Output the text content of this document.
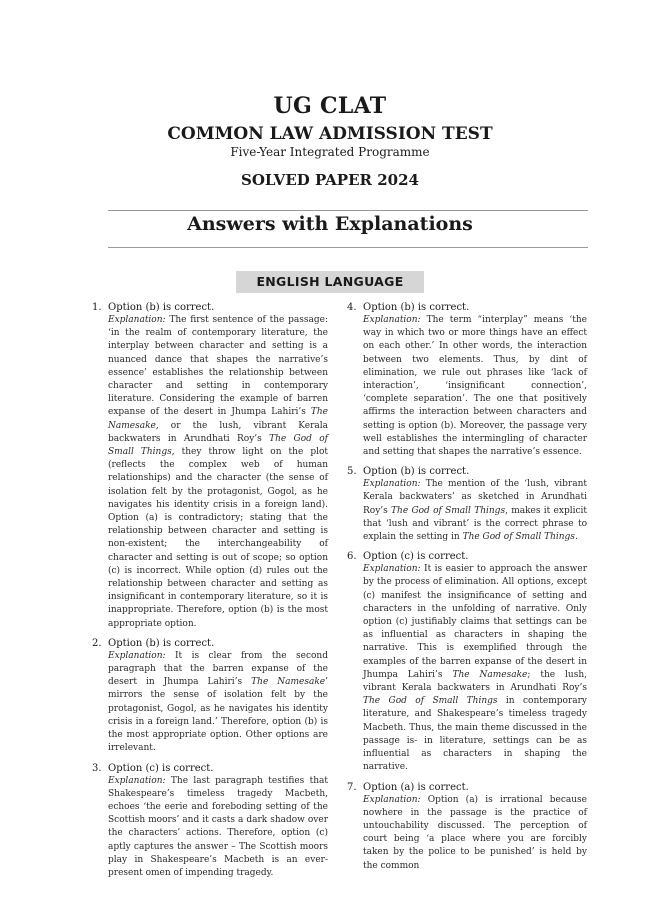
UG CLAT
COMMON LAW ADMISSION TEST
Five-Year Integrated Programme
SOLVED PAPER 2024
Answers with Explanations
ENGLISH LANGUAGE
1. Option (b) is correct.
Explanation: The first sentence of the passage: ‘in the realm of contemporary literature, the interplay between character and setting is a nuanced dance that shapes the narrative’s essence’ establishes the relationship between character and setting in contemporary literature. Considering the example of barren expanse of the desert in Jhumpa Lahiri’s The Namesake, or the lush, vibrant Kerala backwaters in Arundhati Roy’s The God of Small Things, they throw light on the plot (reflects the complex web of human relationships) and the character (the sense of isolation felt by the protagonist, Gogol, as he navigates his identity crisis in a foreign land). Option (a) is contradictory; stating that the relationship between character and setting is non-existent; the interchangeability of character and setting is out of scope; so option (c) is incorrect. While option (d) rules out the relationship between character and setting as insignificant in contemporary literature, so it is inappropriate. Therefore, option (b) is the most appropriate option.
2. Option (b) is correct.
Explanation: It is clear from the second paragraph that the barren expanse of the desert in Jhumpa Lahiri’s The Namesake’ mirrors the sense of isolation felt by the protagonist, Gogol, as he navigates his identity crisis in a foreign land.’ Therefore, option (b) is the most appropriate option. Other options are irrelevant.
3. Option (c) is correct.
Explanation: The last paragraph testifies that Shakespeare’s timeless tragedy Macbeth, echoes ‘the eerie and foreboding setting of the Scottish moors’ and it casts a dark shadow over the characters’ actions. Therefore, option (c) aptly captures the answer – The Scottish moors play in Shakespeare’s Macbeth is an ever-present omen of impending tragedy.
4. Option (b) is correct.
Explanation: The term “interplay” means ‘the way in which two or more things have an effect on each other.’ In other words, the interaction between two elements. Thus, by dint of elimination, we rule out phrases like ‘lack of interaction’, ‘insignificant connection’, ‘complete separation’. The one that positively affirms the interaction between characters and setting is option (b). Moreover, the passage very well establishes the intermingling of character and setting that shapes the narrative’s essence.
5. Option (b) is correct.
Explanation: The mention of the ‘lush, vibrant Kerala backwaters’ as sketched in Arundhati Roy’s The God of Small Things, makes it explicit that ‘lush and vibrant’ is the correct phrase to explain the setting in The God of Small Things.
6. Option (c) is correct.
Explanation: It is easier to approach the answer by the process of elimination. All options, except (c) manifest the insignificance of setting and characters in the unfolding of narrative. Only option (c) justifiably claims that settings can be as influential as characters in shaping the narrative. This is exemplified through the examples of the barren expanse of the desert in Jhumpa Lahiri’s The Namesake; the lush, vibrant Kerala backwaters in Arundhati Roy’s The God of Small Things in contemporary literature, and Shakespeare’s timeless tragedy Macbeth. Thus, the main theme discussed in the passage is- in literature, settings can be as influential as characters in shaping the narrative.
7. Option (a) is correct.
Explanation: Option (a) is irrational because nowhere in the passage is the practice of untouchability discussed. The perception of court being ‘a place where you are forcibly taken by the police to be punished’ is held by the common
